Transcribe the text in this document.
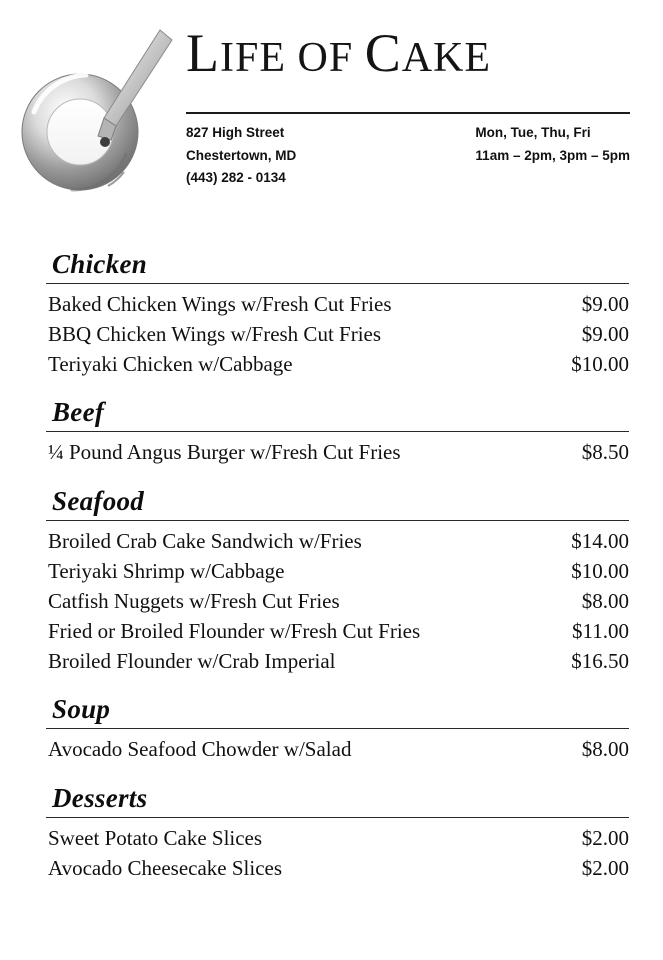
LIFE OF CAKE
827 High Street
Chestertown, MD
(443) 282 - 0134
Mon, Tue, Thu, Fri
11am – 2pm, 3pm – 5pm
Chicken
Baked Chicken Wings w/Fresh Cut Fries	$9.00
BBQ Chicken Wings w/Fresh Cut Fries	$9.00
Teriyaki Chicken w/Cabbage	$10.00
Beef
¼ Pound Angus Burger w/Fresh Cut Fries	$8.50
Seafood
Broiled Crab Cake Sandwich w/Fries	$14.00
Teriyaki Shrimp w/Cabbage	$10.00
Catfish Nuggets w/Fresh Cut Fries	$8.00
Fried or Broiled Flounder w/Fresh Cut Fries	$11.00
Broiled Flounder w/Crab Imperial	$16.50
Soup
Avocado Seafood Chowder w/Salad	$8.00
Desserts
Sweet Potato Cake Slices	$2.00
Avocado Cheesecake Slices	$2.00
